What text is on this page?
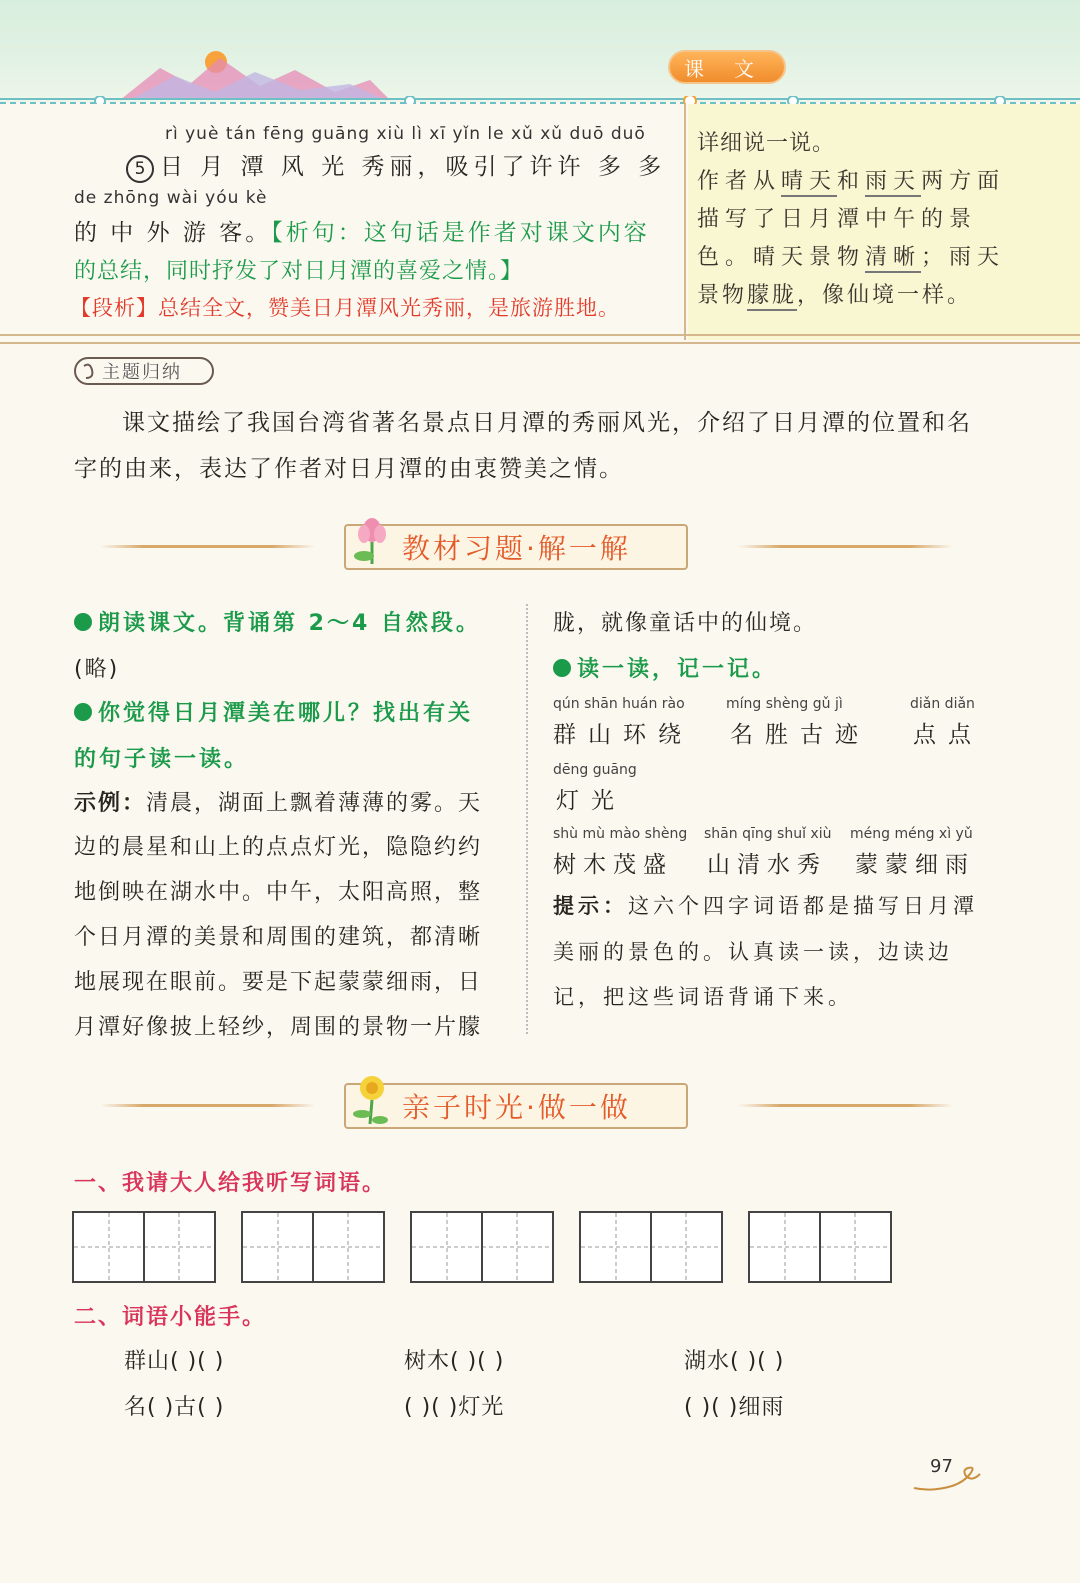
课文
详细说一说。
作者从晴天和雨天两方面
描写了日月潭中午的景
色。晴天景物清晰；雨天
景物朦胧，像仙境一样。
rì yuè tán fēng guāng xiù lì xī yǐn le xǔ xǔ duō duō
5 日 月 潭 风 光 秀丽，吸引了许许 多 多
de zhōng wài yóu kè
的 中 外 游 客。【析句：这句话是作者对课文内容
的总结，同时抒发了对日月潭的喜爱之情。】
【段析】总结全文，赞美日月潭风光秀丽，是旅游胜地。
主题归纳
课文描绘了我国台湾省著名景点日月潭的秀丽风光，介绍了日月潭的位置和名
字的由来，表达了作者对日月潭的由衷赞美之情。
教材习题·解一解
朗读课文。背诵第 2～4 自然段。
(略)
你觉得日月潭美在哪儿？找出有关
的句子读一读。
示例：清晨，湖面上飘着薄薄的雾。天
边的晨星和山上的点点灯光，隐隐约约
地倒映在湖水中。中午，太阳高照，整
个日月潭的美景和周围的建筑，都清晰
地展现在眼前。要是下起蒙蒙细雨，日
月潭好像披上轻纱，周围的景物一片朦
胧，就像童话中的仙境。
读一读，记一记。
qún shān huán rào
群山环绕
míng shèng gǔ jì
名胜古迹
diǎn diǎn
点点
dēng guāng
灯光
shù mù mào shèng
树木茂盛
shān qīng shuǐ xiù
山清水秀
méng méng xì yǔ
蒙蒙细雨
提示：这六个四字词语都是描写日月潭
美丽的景色的。认真读一读，边读边
记，把这些词语背诵下来。
亲子时光·做一做
一、我请大人给我听写词语。
二、词语小能手。
群山( )( )	树木( )( )	湖水( )( )
名( )古( )	( )( )灯光	( )( )细雨
97
